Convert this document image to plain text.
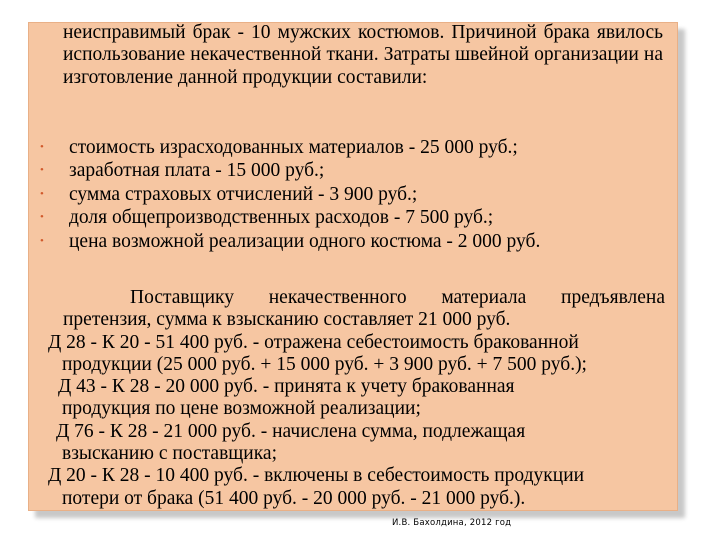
неисправимый брак - 10 мужских костюмов. Причиной брака явилось использование некачественной ткани. Затраты швейной организации на изготовление данной продукции составили:
• стоимость израсходованных материалов - 25 000 руб.;
• заработная плата - 15 000 руб.;
• сумма страховых отчислений - 3 900 руб.;
• доля общепроизводственных расходов - 7 500 руб.;
• цена возможной реализации одного костюма - 2 000 руб.
Поставщику некачественного материала предъявлена претензия, сумма к взысканию составляет 21 000 руб.
Д 28 - К 20 - 51 400 руб. - отражена себестоимость бракованной
продукции (25 000 руб. + 15 000 руб. + 3 900 руб. + 7 500 руб.);
Д 43 - К 28 - 20 000 руб. - принята к учету бракованная
продукция по цене возможной реализации;
Д 76 - К 28 - 21 000 руб. - начислена сумма, подлежащая
взысканию с поставщика;
Д 20 - К 28 - 10 400 руб. - включены в себестоимость продукции
потери от брака (51 400 руб. - 20 000 руб. - 21 000 руб.).
И.В. Бахолдина, 2012 год
